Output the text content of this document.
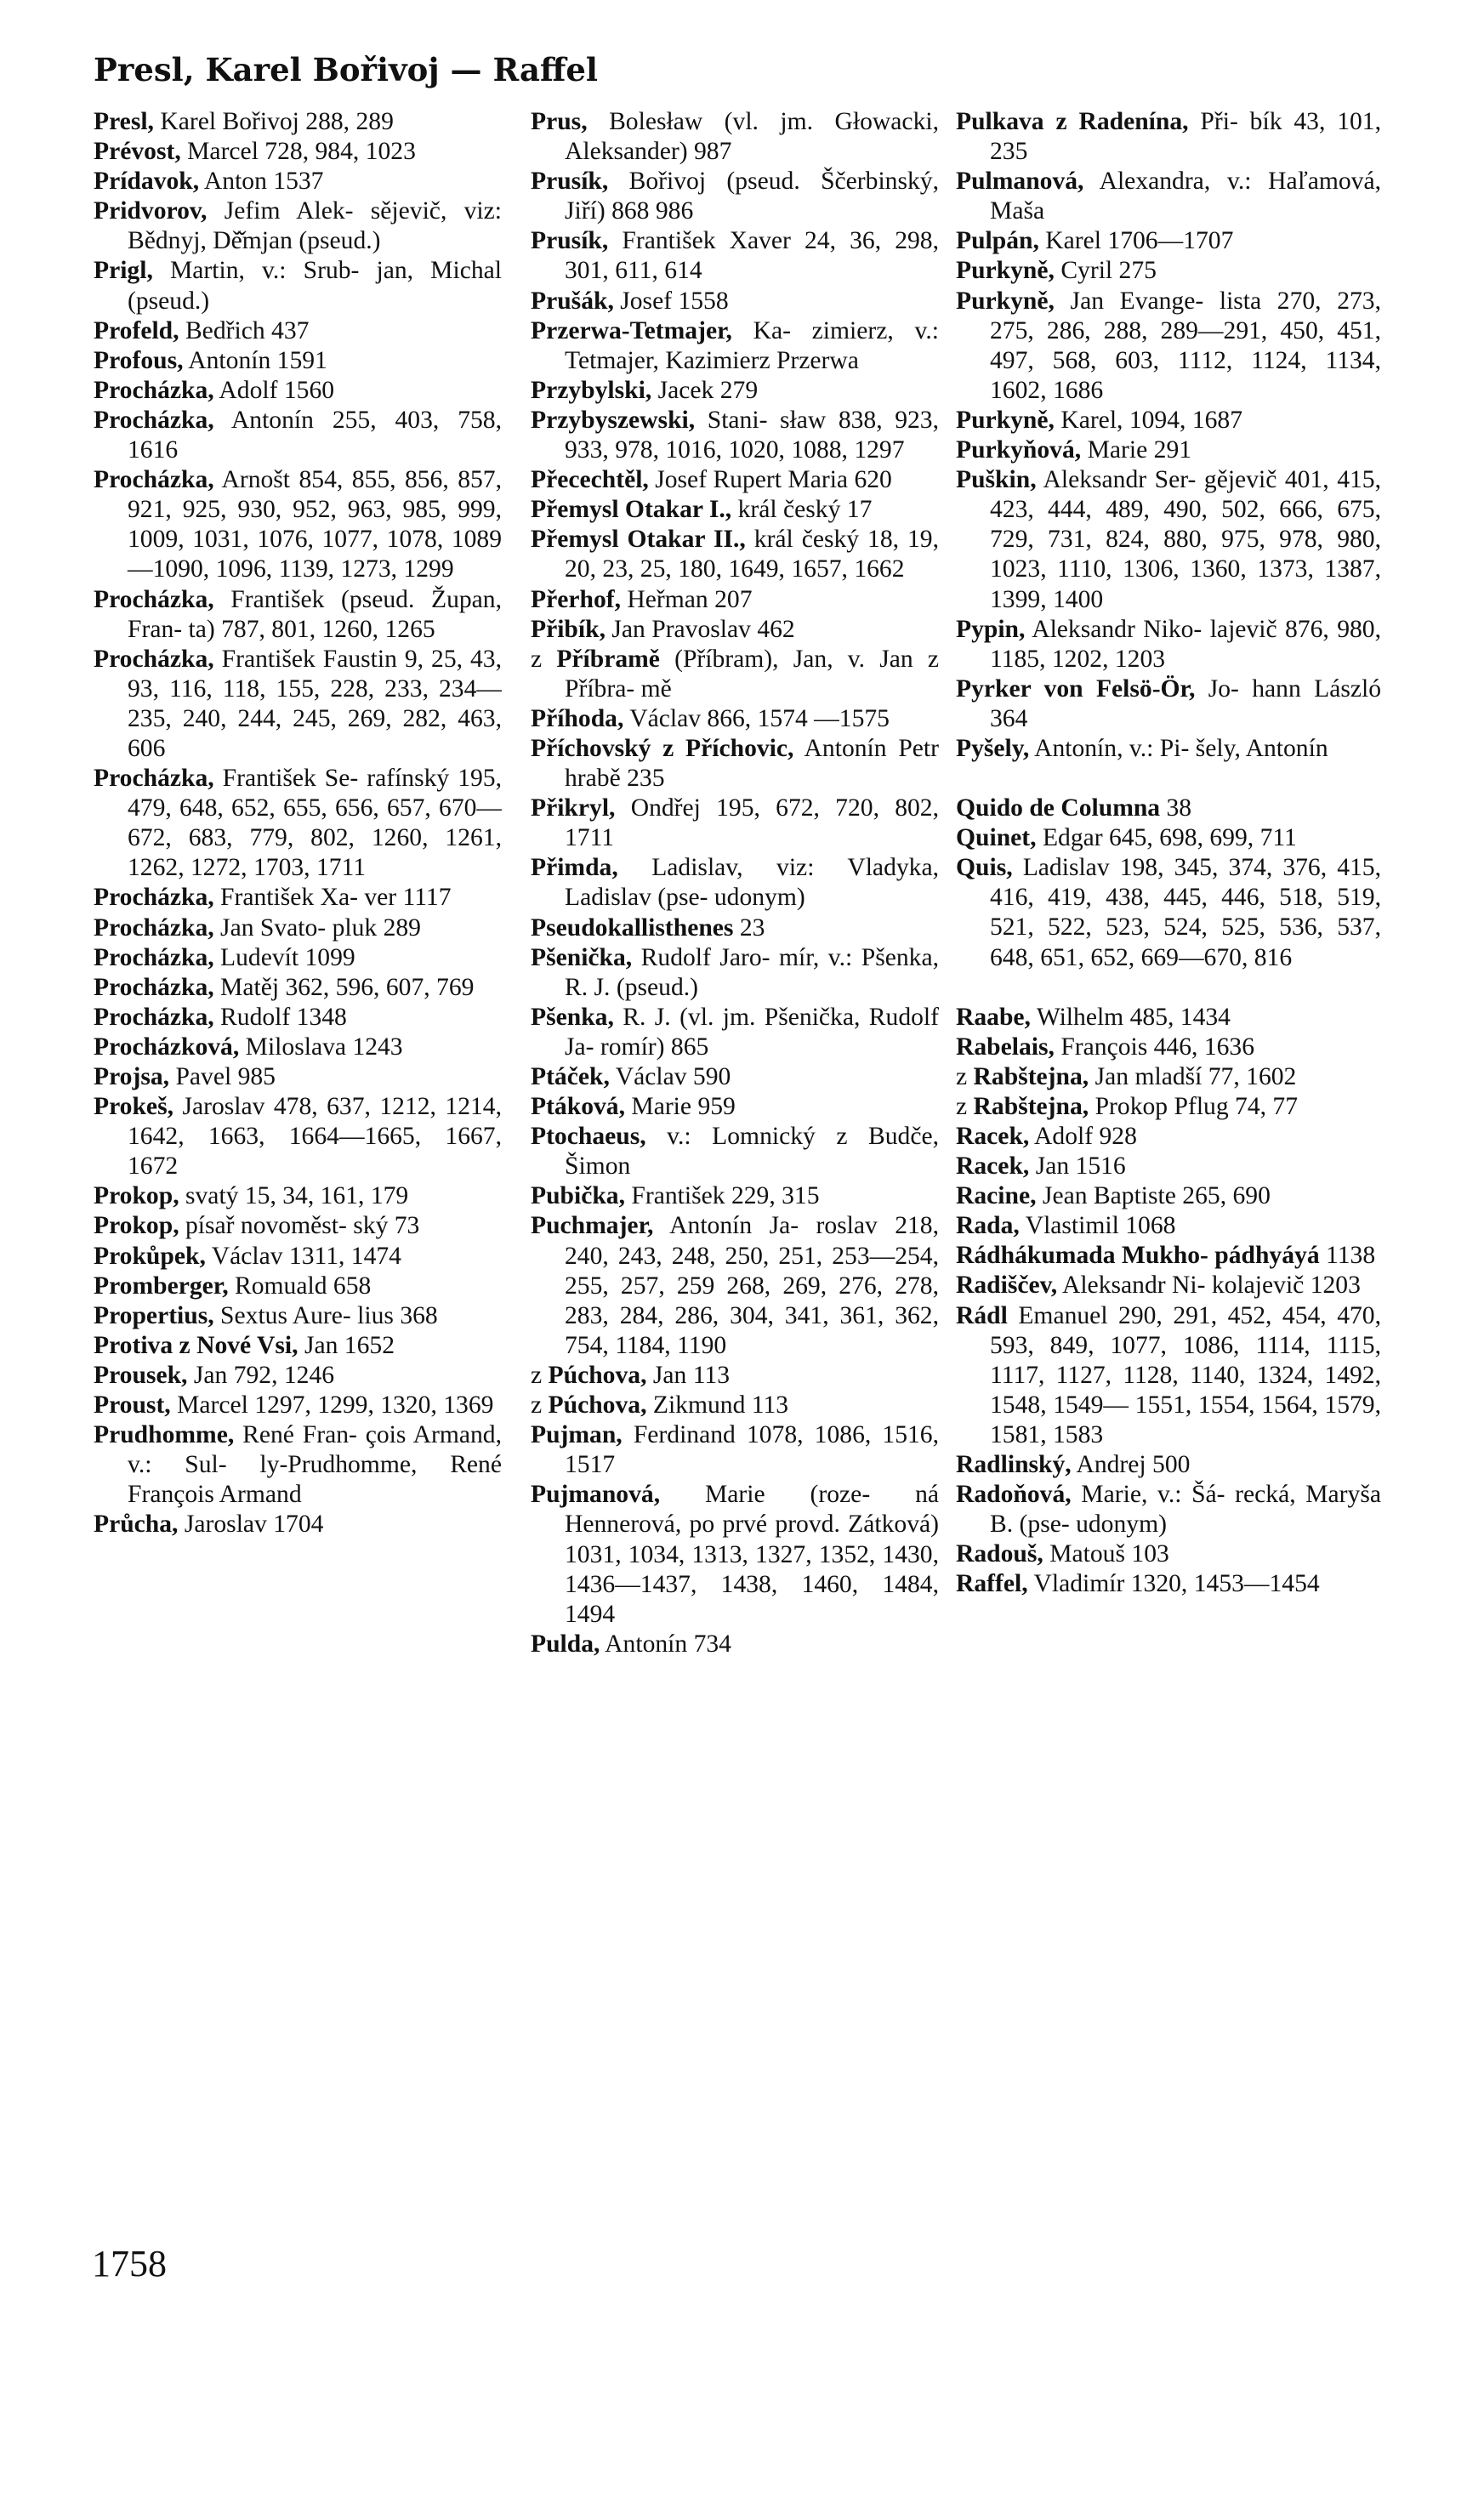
Presl, Karel Bořivoj — Raffel

Presl, Karel Bořivoj 288, 289

Prévost, Marcel 728, 984, 1023

Prídavok, Anton 1537

Pridvorov, Jefim Alek- sějevič, viz: Bědnyj, Dě̌mjan (pseud.)

Prigl, Martin, v.: Srub- jan, Michal (pseud.)

Profeld, Bedřich 437

Profous, Antonín 1591

Procházka, Adolf 1560

Procházka, Antonín 255, 403, 758, 1616

Procházka, Arnošt 854, 855, 856, 857, 921, 925, 930, 952, 963, 985, 999, 1009, 1031, 1076, 1077, 1078, 1089—1090, 1096, 1139, 1273, 1299

Procházka, František (pseud. Župan, Fran- ta) 787, 801, 1260, 1265

Procházka, František Faustin 9, 25, 43, 93, 116, 118, 155, 228, 233, 234—235, 240, 244, 245, 269, 282, 463, 606

Procházka, František Se- rafínský 195, 479, 648, 652, 655, 656, 657, 670— 672, 683, 779, 802, 1260, 1261, 1262, 1272, 1703, 1711

Procházka, František Xa- ver 1117

Procházka, Jan Svato- pluk 289

Procházka, Ludevít 1099

Procházka, Matěj 362, 596, 607, 769

Procházka, Rudolf 1348

Procházková, Miloslava 1243

Projsa, Pavel 985

Prokeš, Jaroslav 478, 637, 1212, 1214, 1642, 1663, 1664—1665, 1667, 1672

Prokop, svatý 15, 34, 161, 179

Prokop, písař novoměst- ský 73

Prokůpek, Václav 1311, 1474

Promberger, Romuald 658

Propertius, Sextus Aure- lius 368

Protiva z Nové Vsi, Jan 1652

Prousek, Jan 792, 1246

Proust, Marcel 1297, 1299, 1320, 1369

Prudhomme, René Fran- çois Armand, v.: Sul- ly-Prudhomme, René François Armand

Průcha, Jaroslav 1704

Prus, Bolesław (vl. jm. Głowacki, Aleksander) 987

Prusík, Bořivoj (pseud. Ščerbinský, Jiří) 868 986

Prusík, František Xaver 24, 36, 298, 301, 611, 614

Prušák, Josef 1558

Przerwa-Tetmajer, Ka- zimierz, v.: Tetmajer, Kazimierz Przerwa

Przybylski, Jacek 279

Przybyszewski, Stani- sław 838, 923, 933, 978, 1016, 1020, 1088, 1297

Přecechtěl, Josef Rupert Maria 620

Přemysl Otakar I., král český 17

Přemysl Otakar II., král český 18, 19, 20, 23, 25, 180, 1649, 1657, 1662

Přerhof, Heřman 207

Přibík, Jan Pravoslav 462

z Příbramě (Příbram), Jan, v. Jan z Příbra- mě

Příhoda, Václav 866, 1574 —1575

Příchovský z Příchovic, Antonín Petr hrabě 235

Přikryl, Ondřej 195, 672, 720, 802, 1711

Přimda, Ladislav, viz: Vladyka, Ladislav (pse- udonym)

Pseudokallisthenes 23

Pšenička, Rudolf Jaro- mír, v.: Pšenka, R. J. (pseud.)

Pšenka, R. J. (vl. jm. Pšenička, Rudolf Ja- romír) 865

Ptáček, Václav 590

Ptáková, Marie 959

Ptochaeus, v.: Lomnický z Budče, Šimon

Pubička, František 229, 315

Puchmajer, Antonín Ja- roslav 218, 240, 243, 248, 250, 251, 253—254, 255, 257, 259 268, 269, 276, 278, 283, 284, 286, 304, 341, 361, 362, 754, 1184, 1190

z Púchova, Jan 113

z Púchova, Zikmund 113

Pujman, Ferdinand 1078, 1086, 1516, 1517

Pujmanová, Marie (roze- ná Hennerová, po prvé provd. Zátková) 1031, 1034, 1313, 1327, 1352, 1430, 1436—1437, 1438, 1460, 1484, 1494

Pulda, Antonín 734

Pulkava z Radenína, Při- bík 43, 101, 235

Pulmanová, Alexandra, v.: Haľamová, Maša

Pulpán, Karel 1706—1707

Purkyně, Cyril 275

Purkyně, Jan Evange- lista 270, 273, 275, 286, 288, 289—291, 450, 451, 497, 568, 603, 1112, 1124, 1134, 1602, 1686

Purkyně, Karel, 1094, 1687

Purkyňová, Marie 291

Puškin, Aleksandr Ser- gějevič 401, 415, 423, 444, 489, 490, 502, 666, 675, 729, 731, 824, 880, 975, 978, 980, 1023, 1110, 1306, 1360, 1373, 1387, 1399, 1400

Pypin, Aleksandr Niko- lajevič 876, 980, 1185, 1202, 1203

Pyrker von Felsö-Ör, Jo- hann László 364

Pyšely, Antonín, v.: Pi- šely, Antonín

Quido de Columna 38

Quinet, Edgar 645, 698, 699, 711

Quis, Ladislav 198, 345, 374, 376, 415, 416, 419, 438, 445, 446, 518, 519, 521, 522, 523, 524, 525, 536, 537, 648, 651, 652, 669—670, 816

Raabe, Wilhelm 485, 1434

Rabelais, François 446, 1636

z Rabštejna, Jan mladší 77, 1602

z Rabštejna, Prokop Pflug 74, 77

Racek, Adolf 928

Racek, Jan 1516

Racine, Jean Baptiste 265, 690

Rada, Vlastimil 1068

Rádhákumada Mukho- pádhyáyá 1138

Radiščev, Aleksandr Ni- kolajevič 1203

Rádl Emanuel 290, 291, 452, 454, 470, 593, 849, 1077, 1086, 1114, 1115, 1117, 1127, 1128, 1140, 1324, 1492, 1548, 1549— 1551, 1554, 1564, 1579, 1581, 1583

Radlinský, Andrej 500

Radoňová, Marie, v.: Šá- recká, Maryša B. (pse- udonym)

Radouš, Matouš 103

Raffel, Vladimír 1320, 1453—1454

1758
